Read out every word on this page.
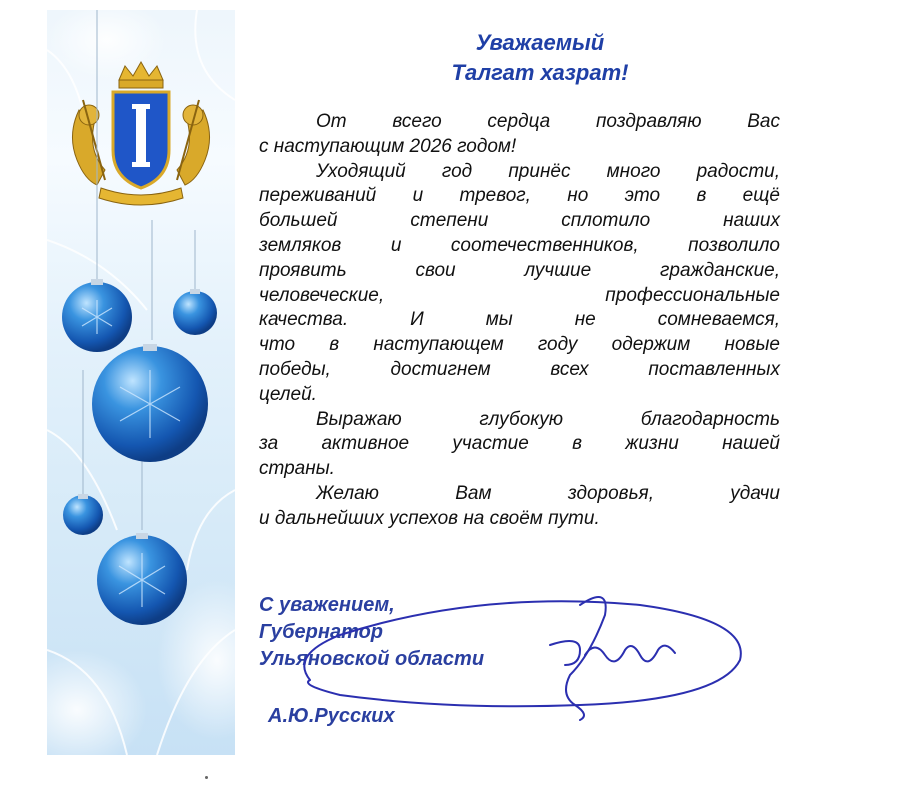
Уважаемый
Талгат хазрат!

От всего сердца поздравляю Вас

с наступающим 2026 годом!

Уходящий год принёс много радости,

переживаний и тревог, но это в ещё

большей степени сплотило наших

земляков и соотечественников, позволило

проявить свои лучшие гражданские,

человеческие, профессиональные

качества. И мы не сомневаемся,

что в наступающем году одержим новые

победы, достигнем всех поставленных

целей.

Выражаю глубокую благодарность

за активное участие в жизни нашей

страны.

Желаю Вам здоровья, удачи

и дальнейших успехов на своём пути.

С уважением,
Губернатор
Ульяновской области
А.Ю.Русских
